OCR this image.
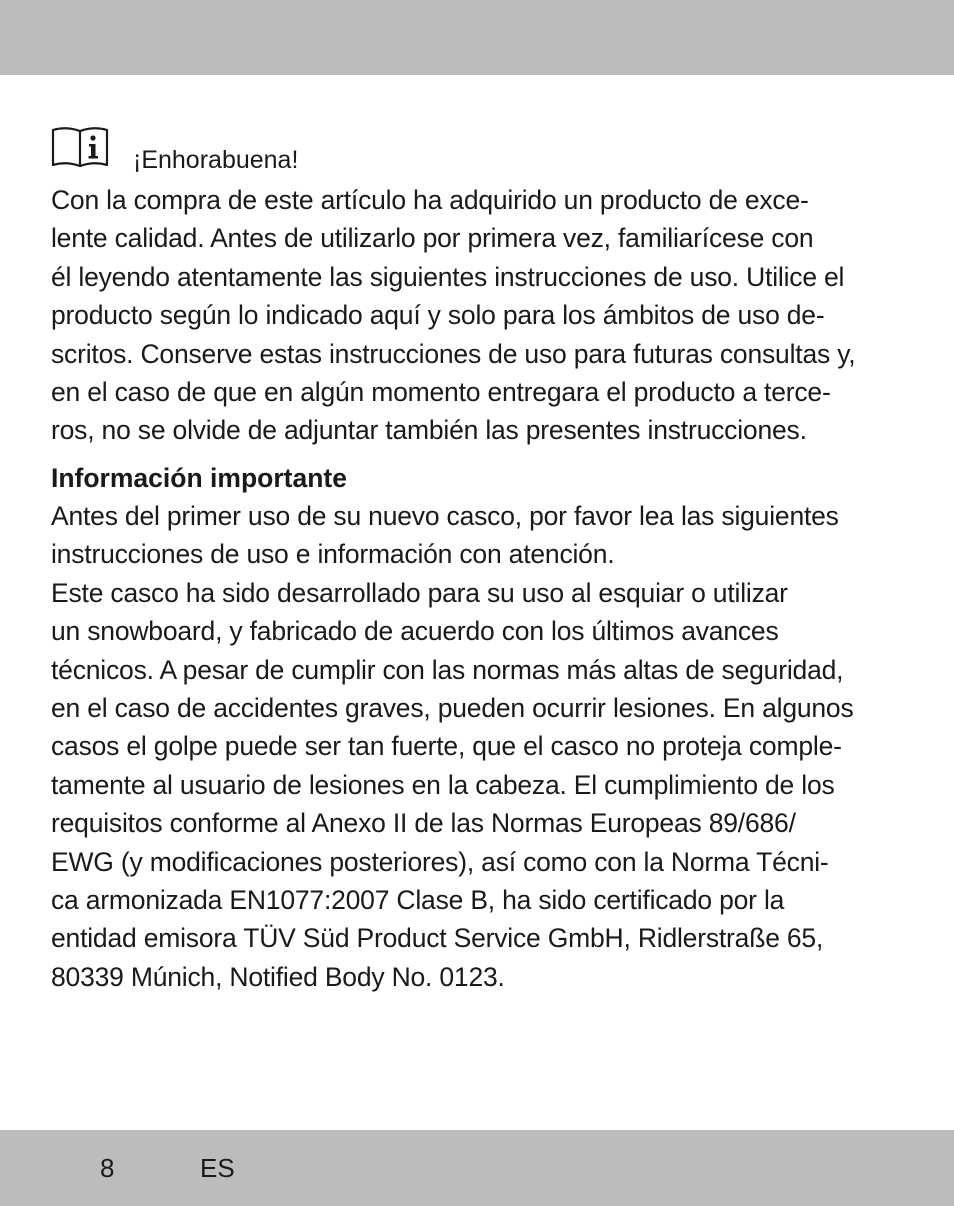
¡Enhorabuena!
Con la compra de este artículo ha adquirido un producto de exce-
lente calidad. Antes de utilizarlo por primera vez, familiarícese con
él leyendo atentamente las siguientes instrucciones de uso. Utilice el
producto según lo indicado aquí y solo para los ámbitos de uso de-
scritos. Conserve estas instrucciones de uso para futuras consultas y,
en el caso de que en algún momento entregara el producto a terce-
ros, no se olvide de adjuntar también las presentes instrucciones.
Información importante
Antes del primer uso de su nuevo casco, por favor lea las siguientes
instrucciones de uso e información con atención.
Este casco ha sido desarrollado para su uso al esquiar o utilizar
un snowboard, y fabricado de acuerdo con los últimos avances
técnicos. A pesar de cumplir con las normas más altas de seguridad,
en el caso de accidentes graves, pueden ocurrir lesiones. En algunos
casos el golpe puede ser tan fuerte, que el casco no proteja comple-
tamente al usuario de lesiones en la cabeza. El cumplimiento de los
requisitos conforme al Anexo II de las Normas Europeas 89/686/
EWG (y modificaciones posteriores), así como con la Norma Técni-
ca armonizada EN1077:2007 Clase B, ha sido certificado por la
entidad emisora TÜV Süd Product Service GmbH, Ridlerstraße 65,
80339 Múnich, Notified Body No. 0123.
8	ES
